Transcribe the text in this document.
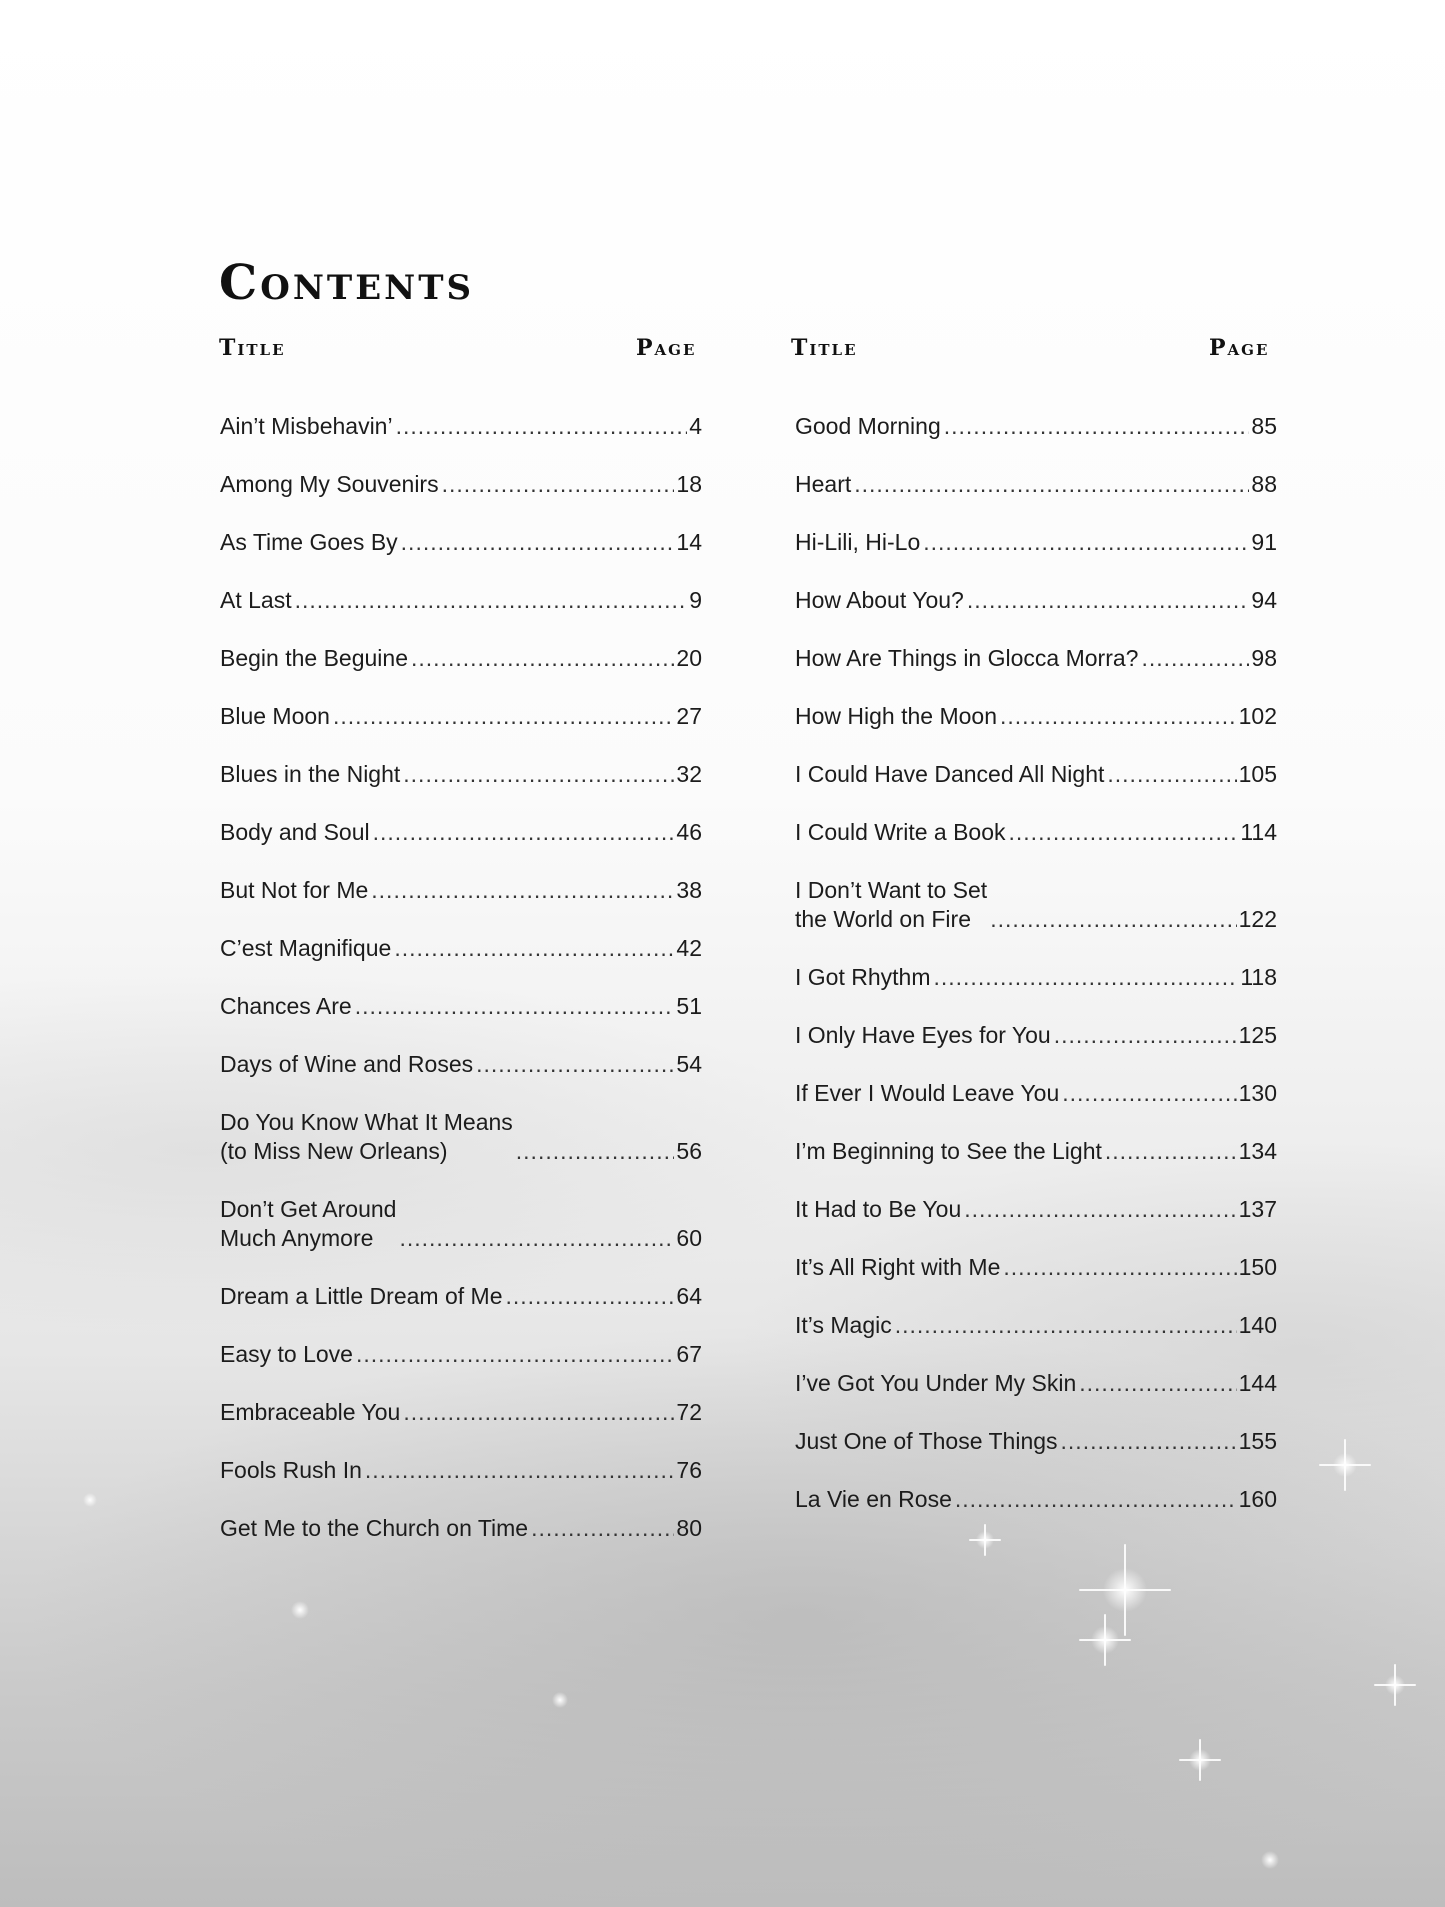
Contents
Title	Page	Title	Page
Ain’t Misbehavin’ .....	4
Among My Souvenirs .....	18
As Time Goes By .....	14
At Last .....	9
Begin the Beguine .....	20
Blue Moon .....	27
Blues in the Night .....	32
Body and Soul .....	46
But Not for Me .....	38
C’est Magnifique .....	42
Chances Are .....	51
Days of Wine and Roses .....	54
Do You Know What It Means
(to Miss New Orleans) .....	56
Don’t Get Around
Much Anymore .....	60
Dream a Little Dream of Me .....	64
Easy to Love .....	67
Embraceable You .....	72
Fools Rush In .....	76
Get Me to the Church on Time .....	80
Good Morning .....	85
Heart .....	88
Hi-Lili, Hi-Lo .....	91
How About You? .....	94
How Are Things in Glocca Morra? .....	98
How High the Moon .....	102
I Could Have Danced All Night .....	105
I Could Write a Book .....	114
I Don’t Want to Set
the World on Fire .....	122
I Got Rhythm .....	118
I Only Have Eyes for You .....	125
If Ever I Would Leave You .....	130
I’m Beginning to See the Light .....	134
It Had to Be You .....	137
It’s All Right with Me .....	150
It’s Magic .....	140
I’ve Got You Under My Skin .....	144
Just One of Those Things .....	155
La Vie en Rose .....	160
